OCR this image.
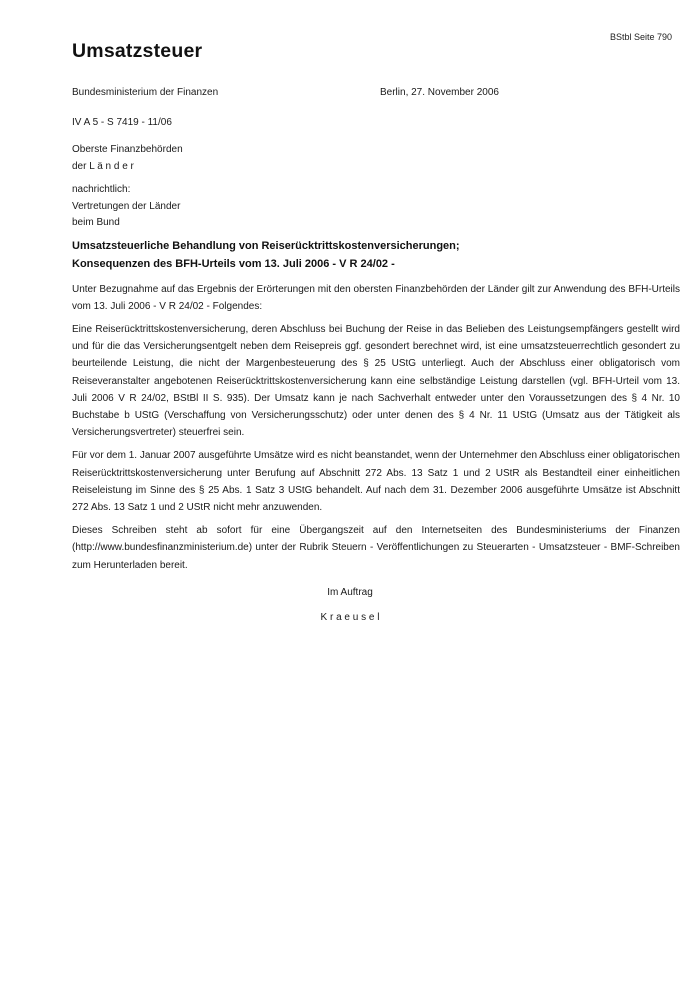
BStbl Seite 790
Umsatzsteuer
Bundesministerium der Finanzen	Berlin, 27. November 2006
IV A 5 - S 7419 - 11/06
Oberste Finanzbehörden
der L ä n d e r
nachrichtlich:
Vertretungen der Länder
beim Bund
Umsatzsteuerliche Behandlung von Reiserücktrittskostenversicherungen;
Konsequenzen des BFH-Urteils vom 13. Juli 2006 - V R 24/02 -

Unter Bezugnahme auf das Ergebnis der Erörterungen mit den obersten Finanzbehörden der Länder gilt zur Anwendung des BFH-Urteils vom 13. Juli 2006 - V R 24/02 - Folgendes:

Eine Reiserücktrittskostenversicherung, deren Abschluss bei Buchung der Reise in das Belieben des Leistungsempfängers gestellt wird und für die das Versicherungsentgelt neben dem Reisepreis ggf. gesondert berechnet wird, ist eine umsatzsteuerrechtlich gesondert zu beurteilende Leistung, die nicht der Margenbesteuerung des § 25 UStG unterliegt. Auch der Abschluss einer obligatorisch vom Reiseveranstalter angebotenen Reiserücktrittskostenversicherung kann eine selbständige Leistung darstellen (vgl. BFH-Urteil vom 13. Juli 2006 V R 24/02, BStBl II S. 935). Der Umsatz kann je nach Sachverhalt entweder unter den Voraussetzungen des § 4 Nr. 10 Buchstabe b UStG (Verschaffung von Versicherungsschutz) oder unter denen des § 4 Nr. 11 UStG (Umsatz aus der Tätigkeit als Versicherungsvertreter) steuerfrei sein.

Für vor dem 1. Januar 2007 ausgeführte Umsätze wird es nicht beanstandet, wenn der Unternehmer den Abschluss einer obligatorischen Reiserücktrittskostenversicherung unter Berufung auf Abschnitt 272 Abs. 13 Satz 1 und 2 UStR als Bestandteil einer einheitlichen Reiseleistung im Sinne des § 25 Abs. 1 Satz 3 UStG behandelt. Auf nach dem 31. Dezember 2006 ausgeführte Umsätze ist Abschnitt 272 Abs. 13 Satz 1 und 2 UStR nicht mehr anzuwenden.

Dieses Schreiben steht ab sofort für eine Übergangszeit auf den Internetseiten des Bundesministeriums der Finanzen (http://www.bundesfinanzministerium.de) unter der Rubrik Steuern - Veröffentlichungen zu Steuerarten - Umsatzsteuer - BMF-Schreiben zum Herunterladen bereit.

Im Auftrag
K r a e u s e l
